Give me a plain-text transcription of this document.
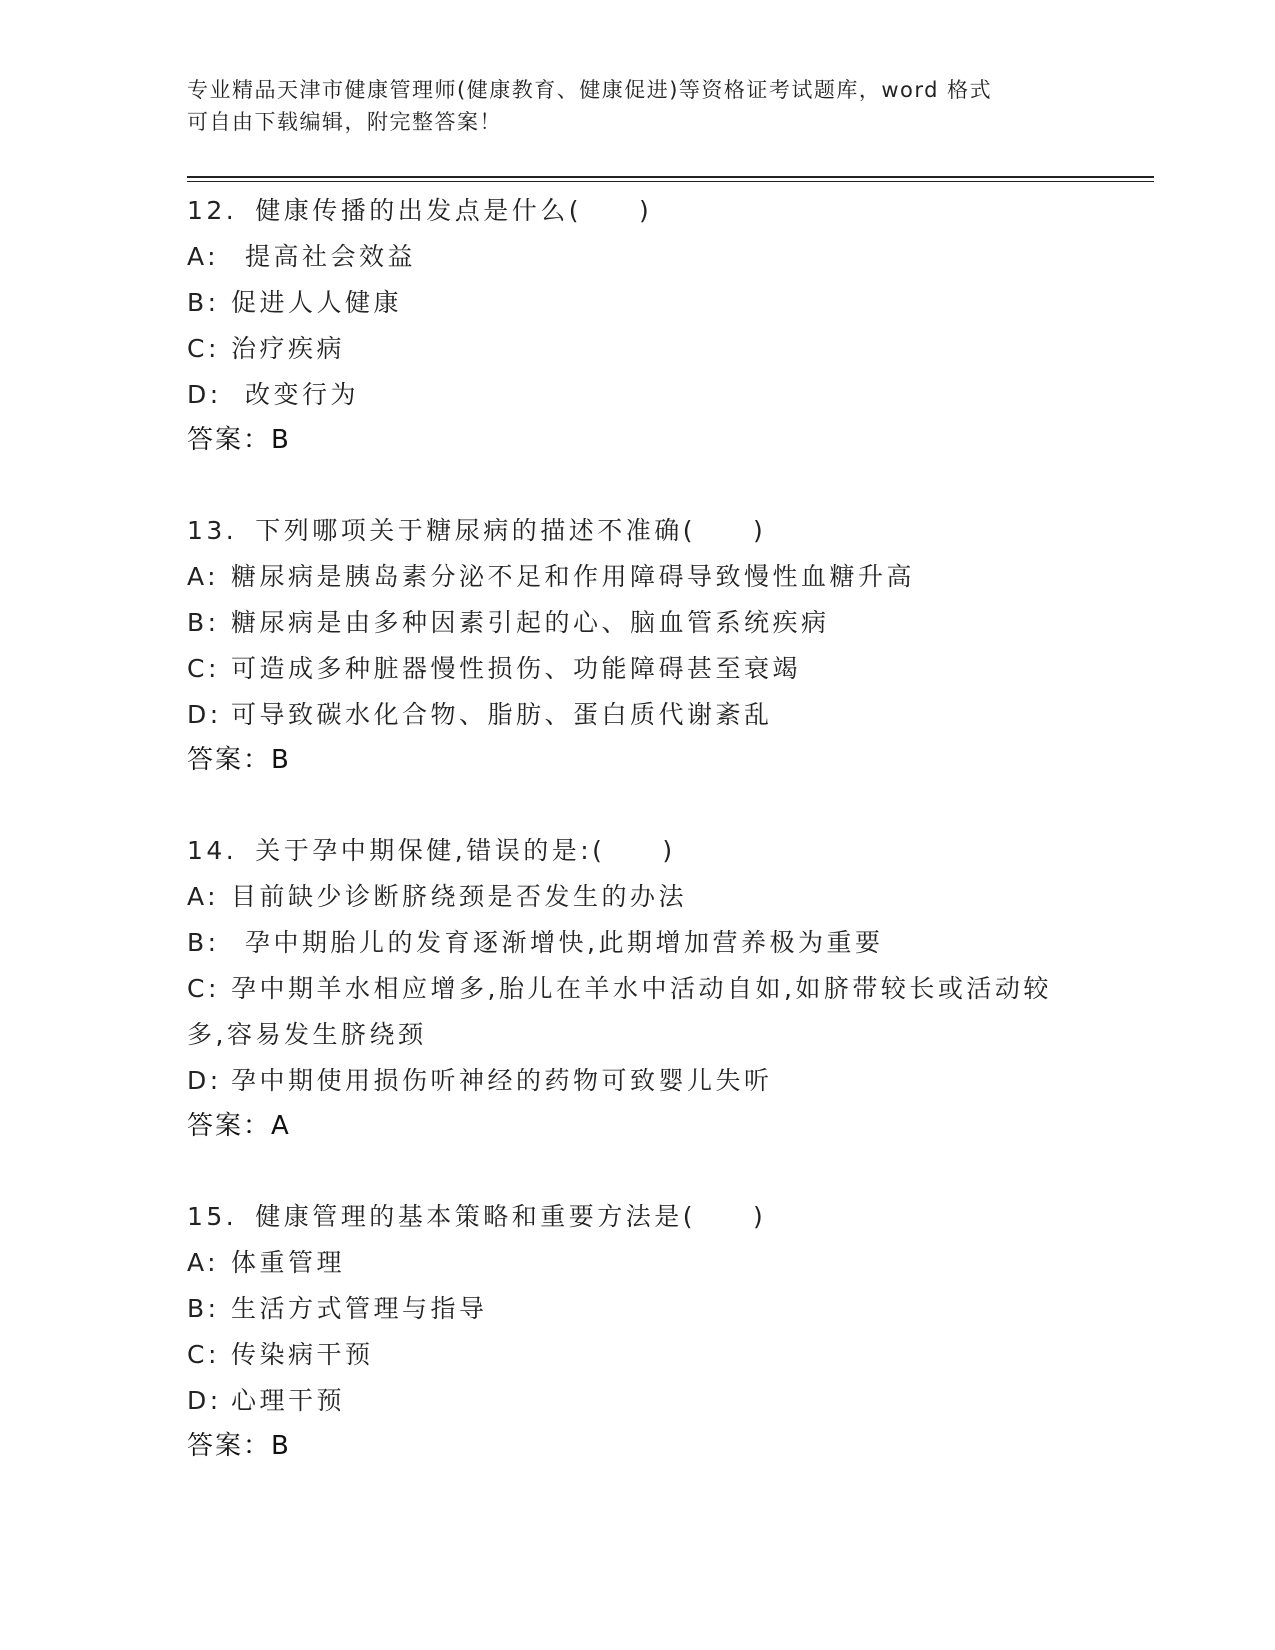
专业精品天津市健康管理师(健康教育、健康促进)等资格证考试题库，word 格式
可自由下载编辑，附完整答案！
12. 健康传播的出发点是什么(　　)
A: 提高社会效益
B: 促进人人健康
C: 治疗疾病
D: 改变行为
答案：B
13. 下列哪项关于糖尿病的描述不准确(　　)
A: 糖尿病是胰岛素分泌不足和作用障碍导致慢性血糖升高
B: 糖尿病是由多种因素引起的心、脑血管系统疾病
C: 可造成多种脏器慢性损伤、功能障碍甚至衰竭
D: 可导致碳水化合物、脂肪、蛋白质代谢紊乱
答案：B
14. 关于孕中期保健,错误的是:(　　)
A: 目前缺少诊断脐绕颈是否发生的办法
B: 孕中期胎儿的发育逐渐增快,此期增加营养极为重要
C: 孕中期羊水相应增多,胎儿在羊水中活动自如,如脐带较长或活动较多,容易发生脐绕颈
D: 孕中期使用损伤听神经的药物可致婴儿失听
答案：A
15. 健康管理的基本策略和重要方法是(　　)
A: 体重管理
B: 生活方式管理与指导
C: 传染病干预
D: 心理干预
答案：B
